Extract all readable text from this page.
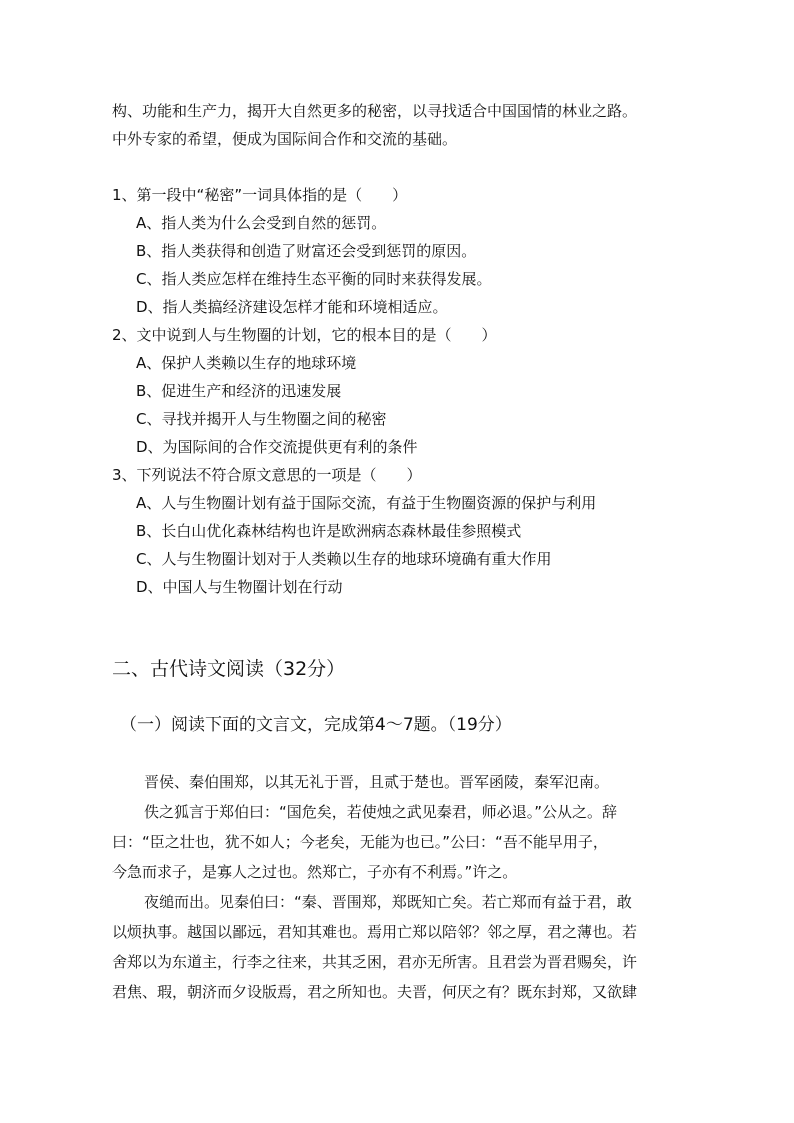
构、功能和生产力，揭开大自然更多的秘密，以寻找适合中国国情的林业之路。

中外专家的希望，便成为国际间合作和交流的基础。

1、第一段中“秘密”一词具体指的是（　　）

A、指人类为什么会受到自然的惩罚。

B、指人类获得和创造了财富还会受到惩罚的原因。

C、指人类应怎样在维持生态平衡的同时来获得发展。

D、指人类搞经济建设怎样才能和环境相适应。

2、文中说到人与生物圈的计划，它的根本目的是（　　）

A、保护人类赖以生存的地球环境

B、促进生产和经济的迅速发展

C、寻找并揭开人与生物圈之间的秘密

D、为国际间的合作交流提供更有利的条件

3、下列说法不符合原文意思的一项是（　　）

A、人与生物圈计划有益于国际交流，有益于生物圈资源的保护与利用

B、长白山优化森林结构也许是欧洲病态森林最佳参照模式

C、人与生物圈计划对于人类赖以生存的地球环境确有重大作用

D、中国人与生物圈计划在行动

二、古代诗文阅读（32分）
（一）阅读下面的文言文，完成第4～7题。（19分）

晋侯、秦伯围郑，以其无礼于晋，且贰于楚也。晋军函陵，秦军氾南。

佚之狐言于郑伯曰：“国危矣，若使烛之武见秦君，师必退。”公从之。辞

曰：“臣之壮也，犹不如人；今老矣，无能为也已。”公曰：“吾不能早用子，

今急而求子，是寡人之过也。然郑亡，子亦有不利焉。”许之。

夜缒而出。见秦伯曰：“秦、晋围郑，郑既知亡矣。若亡郑而有益于君，敢

以烦执事。越国以鄙远，君知其难也。焉用亡郑以陪邻？邻之厚，君之薄也。若

舍郑以为东道主，行李之往来，共其乏困，君亦无所害。且君尝为晋君赐矣，许

君焦、瑕，朝济而夕设版焉，君之所知也。夫晋，何厌之有？既东封郑，又欲肆
